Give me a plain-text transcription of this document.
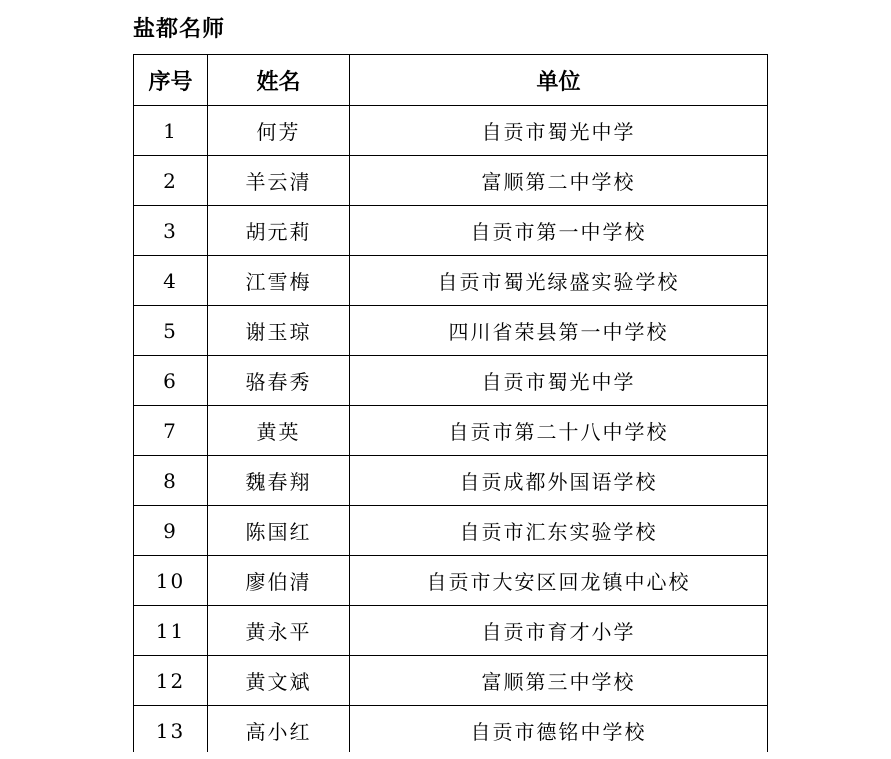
盐都名师
序号	姓名	单位
1	何芳	自贡市蜀光中学
2	羊云清	富顺第二中学校
3	胡元莉	自贡市第一中学校
4	江雪梅	自贡市蜀光绿盛实验学校
5	谢玉琼	四川省荣县第一中学校
6	骆春秀	自贡市蜀光中学
7	黄英	自贡市第二十八中学校
8	魏春翔	自贡成都外国语学校
9	陈国红	自贡市汇东实验学校
10	廖伯清	自贡市大安区回龙镇中心校
11	黄永平	自贡市育才小学
12	黄文斌	富顺第三中学校
13	高小红	自贡市德铭中学校
